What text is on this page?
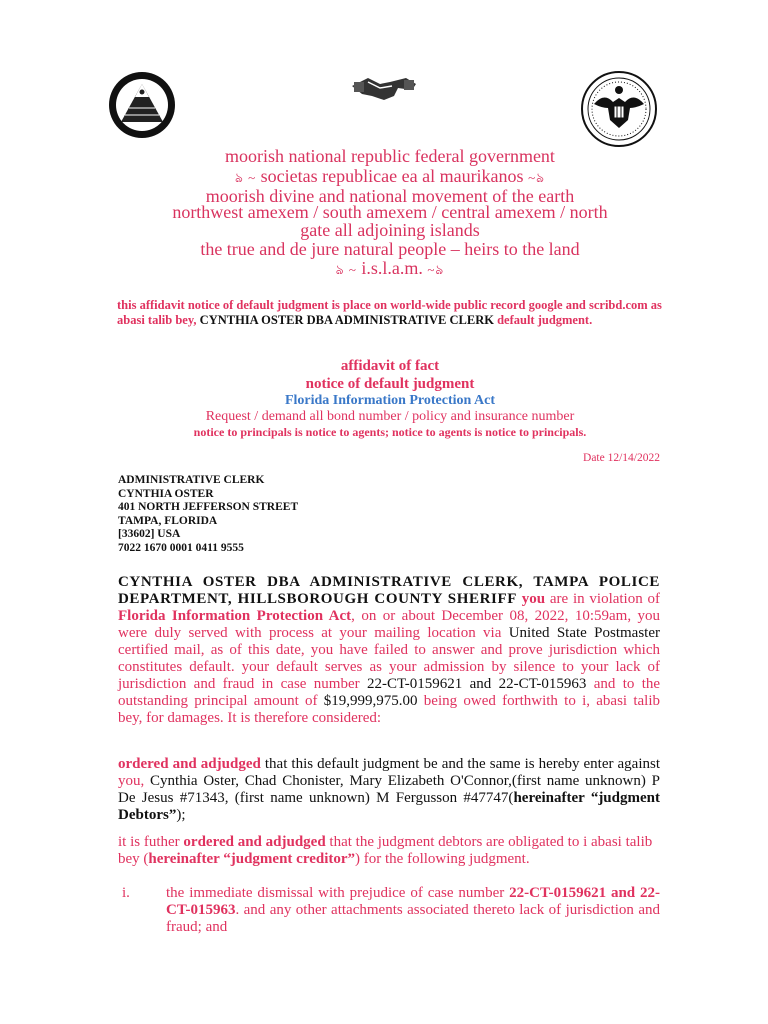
moorish national republic federal government

ঌ ~ societas republicae ea al maurikanos ~ঌ

moorish divine and national movement of the earth

northwest amexem / south amexem / central amexem / north

gate all adjoining islands

the true and de jure natural people – heirs to the land

ঌ ~ i.s.l.a.m. ~ঌ

this affidavit notice of default judgment is place on world-wide public record google and scribd.com as abasi talib bey, CYNTHIA OSTER DBA ADMINISTRATIVE CLERK default judgment.
affidavit of fact
notice of default judgment
Florida Information Protection Act
Request / demand all bond number / policy and insurance number
notice to principals is notice to agents; notice to agents is notice to principals.
Date 12/14/2022
ADMINISTRATIVE CLERK
CYNTHIA OSTER
401 NORTH JEFFERSON STREET
TAMPA, FLORIDA
[33602] USA
7022 1670 0001 0411 9555
CYNTHIA OSTER DBA ADMINISTRATIVE CLERK, TAMPA POLICE DEPARTMENT, HILLSBOROUGH COUNTY SHERIFF you are in violation of Florida Information Protection Act, on or about December 08, 2022, 10:59am, you were duly served with process at your mailing location via United State Postmaster certified mail, as of this date, you have failed to answer and prove jurisdiction which constitutes default. your default serves as your admission by silence to your lack of jurisdiction and fraud in case number 22-CT-0159621 and 22-CT-015963 and to the outstanding principal amount of $19,999,975.00 being owed forthwith to i, abasi talib bey, for damages. It is therefore considered:
ordered and adjudged that this default judgment be and the same is hereby enter against you, Cynthia Oster, Chad Chonister, Mary Elizabeth O'Connor,(first name unknown) P De Jesus #71343, (first name unknown) M Fergusson #47747(hereinafter “judgment Debtors”);
it is futher ordered and adjudged that the judgment debtors are obligated to i abasi talib bey (hereinafter “judgment creditor”) for the following judgment.
i. the immediate dismissal with prejudice of case number 22-CT-0159621 and 22-CT-015963. and any other attachments associated thereto lack of jurisdiction and fraud; and
